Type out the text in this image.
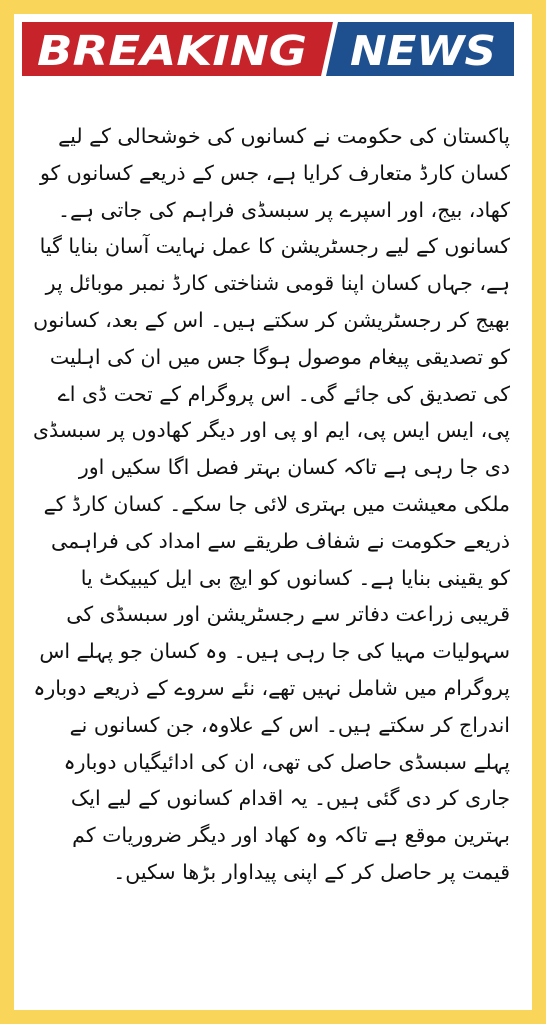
BREAKING NEWS

پاکستان کی حکومت نے کسانوں کی خوشحالی کے لیے کسان کارڈ متعارف کرایا ہے، جس کے ذریعے کسانوں کو کھاد، بیج، اور اسپرے پر سبسڈی فراہم کی جاتی ہے۔ کسانوں کے لیے رجسٹریشن کا عمل نہایت آسان بنایا گیا ہے، جہاں کسان اپنا قومی شناختی کارڈ نمبر موبائل پر بھیج کر رجسٹریشن کر سکتے ہیں۔ اس کے بعد، کسانوں کو تصدیقی پیغام موصول ہوگا جس میں ان کی اہلیت کی تصدیق کی جائے گی۔ اس پروگرام کے تحت ڈی اے پی، ایس ایس پی، ایم او پی اور دیگر کھادوں پر سبسڈی دی جا رہی ہے تاکہ کسان بہتر فصل اگا سکیں اور ملکی معیشت میں بہتری لائی جا سکے۔ کسان کارڈ کے ذریعے حکومت نے شفاف طریقے سے امداد کی فراہمی کو یقینی بنایا ہے۔ کسانوں کو ایچ بی ایل کیبیکٹ یا قریبی زراعت دفاتر سے رجسٹریشن اور سبسڈی کی سہولیات مہیا کی جا رہی ہیں۔ وہ کسان جو پہلے اس پروگرام میں شامل نہیں تھے، نئے سروے کے ذریعے دوبارہ اندراج کر سکتے ہیں۔ اس کے علاوہ، جن کسانوں نے پہلے سبسڈی حاصل کی تھی، ان کی ادائیگیاں دوبارہ جاری کر دی گئی ہیں۔ یہ اقدام کسانوں کے لیے ایک بہترین موقع ہے تاکہ وہ کھاد اور دیگر ضروریات کم قیمت پر حاصل کر کے اپنی پیداوار بڑھا سکیں۔
